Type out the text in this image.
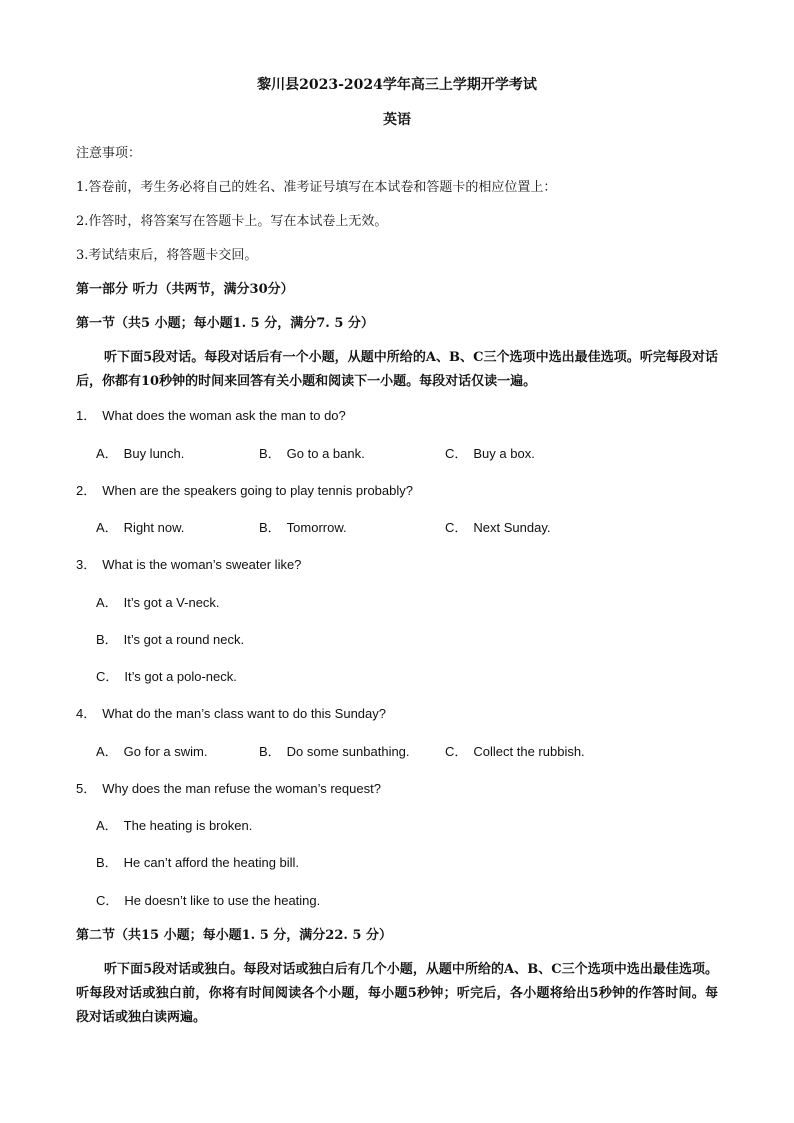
黎川县2023-2024学年高三上学期开学考试
英语
注意事项：
1.答卷前，考生务必将自己的姓名、准考证号填写在本试卷和答题卡的相应位置上：
2.作答时，将答案写在答题卡上。写在本试卷上无效。
3.考试结束后，将答题卡交回。
第一部分 听力（共两节，满分30分）
第一节（共5 小题；每小题1. 5 分，满分7. 5 分）
听下面5段对话。每段对话后有一个小题，从题中所给的A、B、C三个选项中选出最佳选项。听完每段对话后，你都有10秒钟的时间来回答有关小题和阅读下一小题。每段对话仅读一遍。
1． What does the woman ask the man to do?
A． Buy lunch.	B． Go to a bank.	C． Buy a box.
2． When are the speakers going to play tennis probably?
A． Right now.	B． Tomorrow.	C． Next Sunday.
3． What is the woman’s sweater like?
A． It’s got a V-neck.
B． It’s got a round neck.
C． It’s got a polo-neck.
4． What do the man’s class want to do this Sunday?
A． Go for a swim.	B． Do some sunbathing.	C． Collect the rubbish.
5． Why does the man refuse the woman’s request?
A． The heating is broken.
B． He can’t afford the heating bill.
C． He doesn’t like to use the heating.
第二节（共15 小题；每小题1. 5 分，满分22. 5 分）
听下面5段对话或独白。每段对话或独白后有几个小题，从题中所给的A、B、C三个选项中选出最佳选项。听每段对话或独白前，你将有时间阅读各个小题，每小题5秒钟；听完后，各小题将给出5秒钟的作答时间。每段对话或独白读两遍。
